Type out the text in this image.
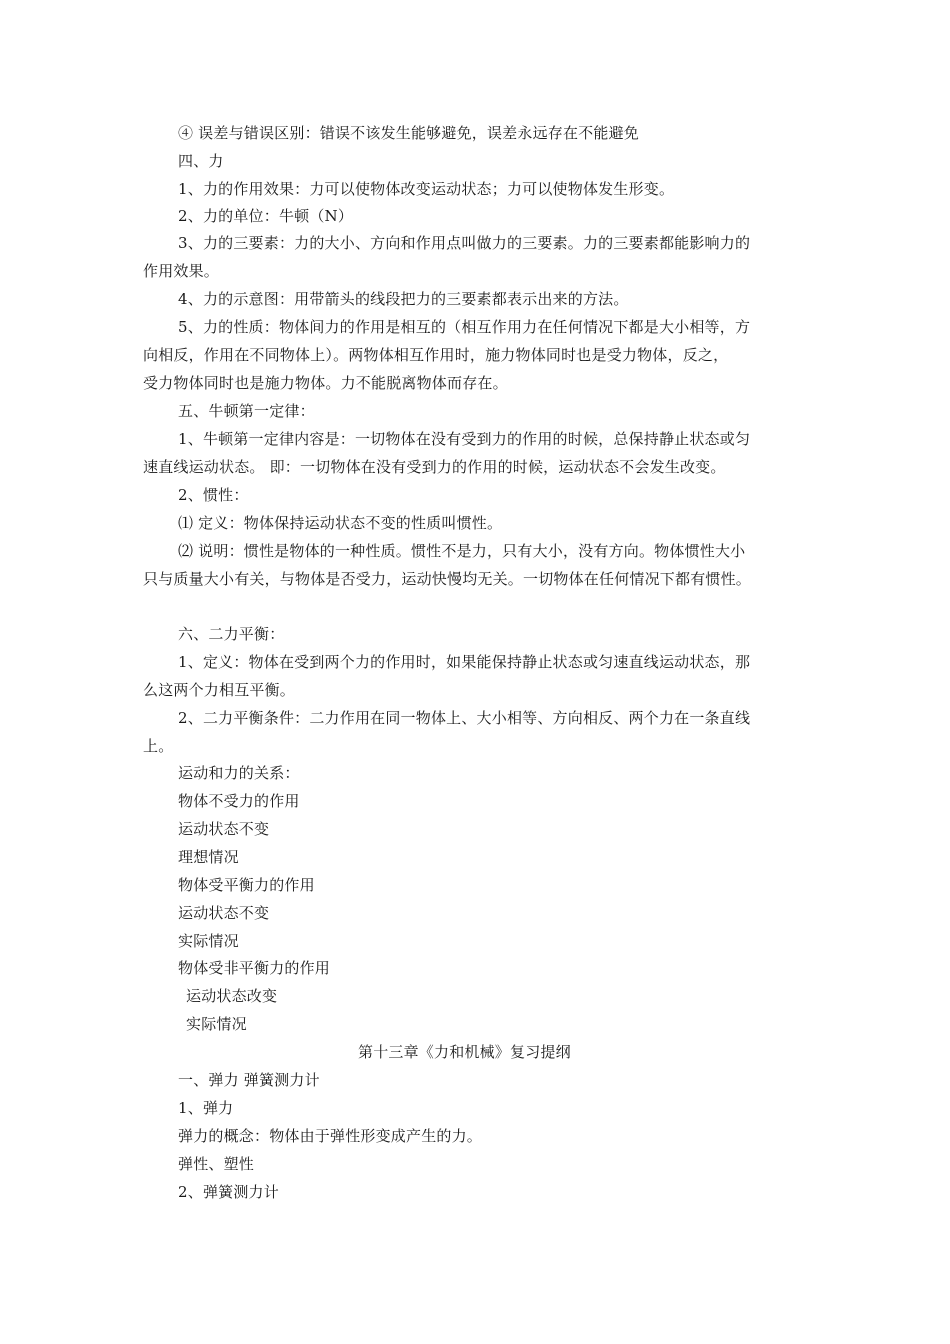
④ 误差与错误区别：错误不该发生能够避免，误差永远存在不能避免
四、力
1、力的作用效果：力可以使物体改变运动状态；力可以使物体发生形变。
2、力的单位：牛顿（N）
3、力的三要素：力的大小、方向和作用点叫做力的三要素。力的三要素都能影响力的
作用效果。
4、力的示意图：用带箭头的线段把力的三要素都表示出来的方法。
5、力的性质：物体间力的作用是相互的（相互作用力在任何情况下都是大小相等，方
向相反，作用在不同物体上）。两物体相互作用时，施力物体同时也是受力物体，反之，
受力物体同时也是施力物体。力不能脱离物体而存在。
五、牛顿第一定律：
1、牛顿第一定律内容是：一切物体在没有受到力的作用的时候，总保持静止状态或匀
速直线运动状态。 即：一切物体在没有受到力的作用的时候，运动状态不会发生改变。
2、惯性：
⑴ 定义：物体保持运动状态不变的性质叫惯性。
⑵ 说明：惯性是物体的一种性质。惯性不是力，只有大小，没有方向。物体惯性大小
只与质量大小有关，与物体是否受力，运动快慢均无关。一切物体在任何情况下都有惯性。
六、二力平衡：
1、定义：物体在受到两个力的作用时，如果能保持静止状态或匀速直线运动状态，那
么这两个力相互平衡。
2、二力平衡条件：二力作用在同一物体上、大小相等、方向相反、两个力在一条直线
上。
运动和力的关系：
物体不受力的作用
运动状态不变
理想情况
物体受平衡力的作用
运动状态不变
实际情况
物体受非平衡力的作用
运动状态改变
实际情况
第十三章《力和机械》复习提纲
一、弹力 弹簧测力计
1、弹力
弹力的概念：物体由于弹性形变成产生的力。
弹性、塑性
2、弹簧测力计
